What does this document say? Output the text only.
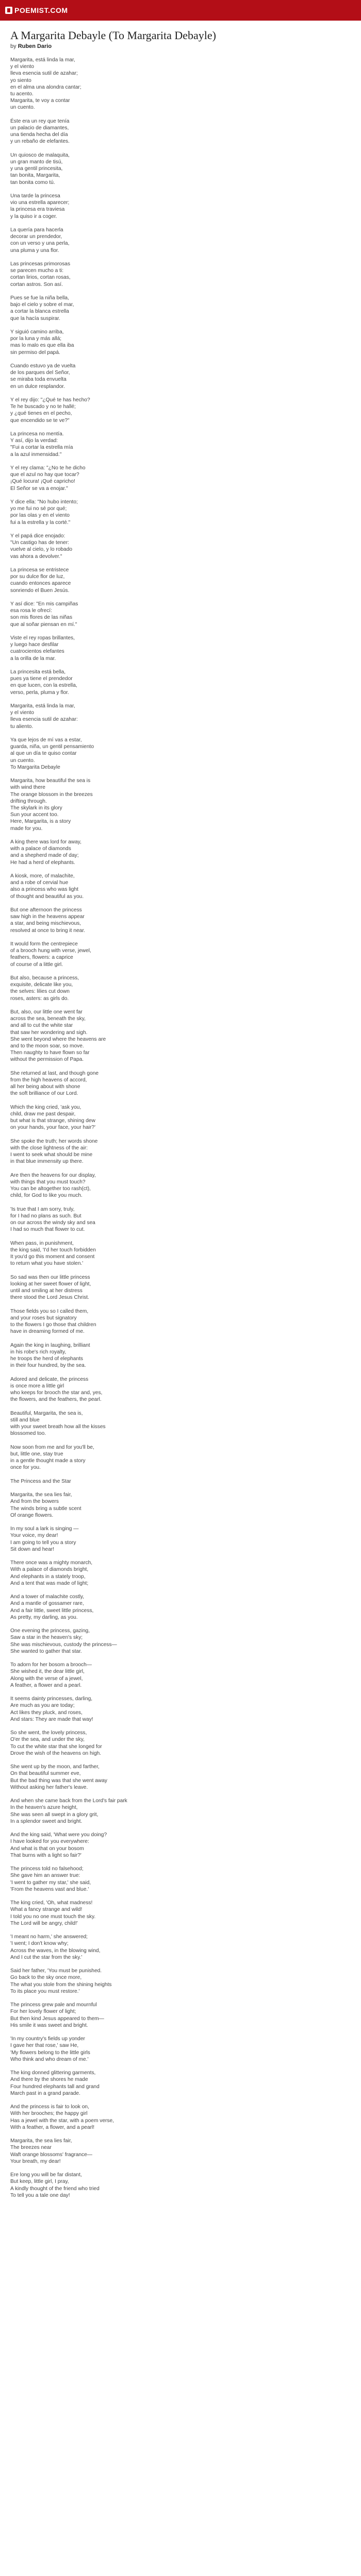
POEMIST.COM
A Margarita Debayle (To Margarita Debayle)
by Ruben Dario
Margarita, está linda la mar,
y el viento
lleva esencia sutil de azahar;
yo siento
en el alma una alondra cantar;
tu acento.
Margarita, te voy a contar
un cuento.
Éste era un rey que tenía
un palacio de diamantes,
una tienda hecha del día
y un rebaño de elefantes.
Un quiosco de malaquita,
un gran manto de tisú,
y una gentil princesita,
tan bonita, Margarita,
tan bonita como tú.
Una tarde la princesa
vio una estrella aparecer;
la princesa era traviesa
y la quiso ir a coger.
La quería para hacerla
decorar un prendedor,
con un verso y una perla,
una pluma y una flor.
Las princesas primorosas
se parecen mucho a ti:
cortan lirios, cortan rosas,
cortan astros. Son así.
Pues se fue la niña bella,
bajo el cielo y sobre el mar,
a cortar la blanca estrella
que la hacía suspirar.
Y siguió camino arriba,
por la luna y más allá;
mas lo malo es que ella iba
sin permiso del papá.
Cuando estuvo ya de vuelta
de los parques del Señor,
se miraba toda envuelta
en un dulce resplandor.
Y el rey dijo: "¿Qué te has hecho?
Te he buscado y no te hallé;
y ¿qué tienes en el pecho,
que encendido se te ve?"
La princesa no mentía.
Y así, dijo la verdad:
"Fui a cortar la estrella mía
a la azul inmensidad."
Y el rey clama: "¿No te he dicho
que el azul no hay que tocar?
¡Qué locura! ¡Qué capricho!
El Señor se va a enojar."
Y dice ella: "No hubo intento;
yo me fui no sé por qué;
por las olas y en el viento
fui a la estrella y la corté."
Y el papá dice enojado:
"Un castigo has de tener:
vuelve al cielo, y lo robado
vas ahora a devolver."
La princesa se entristece
por su dulce flor de luz,
cuando entonces aparece
sonriendo el Buen Jesús.
Y así dice: "En mis campiñas
esa rosa le ofrecí:
son mis flores de las niñas
que al soñar piensan en mí."
Viste el rey ropas brillantes,
y luego hace desfilar
cuatrocientos elefantes
a la orilla de la mar.
La princesita está bella,
pues ya tiene el prendedor
en que lucen, con la estrella,
verso, perla, pluma y flor.
Margarita, está linda la mar,
y el viento
lleva esencia sutil de azahar:
tu aliento.
Ya que lejos de mí vas a estar,
guarda, niña, un gentil pensamiento
al que un día te quiso contar
un cuento.
To Margarita Debayle
Margarita, how beautiful the sea is
with wind there
The orange blossom in the breezes
drifting through.
The skylark in its glory
Sun your accent too.
Here, Margarita, is a story
made for you.
A king there was lord for away,
with a palace of diamonds
and a shepherd made of day;
He had a herd of elephants.
A kiosk, more, of malachite,
and a robe of cervial hue
also a princess who was light
of thought and beautiful as you.
But one afternoon the princess
saw high in the heavens appear
a star, and being mischievous,
resolved at once to bring it near.
It would form the centrepiece
of a brooch hung with verse, jewel,
feathers, flowers: a caprice
of course of a little girl.
But also, because a princess,
exquisite, delicate like you,
the selves: lilies cut down
roses, asters: as girls do.
But, also, our little one went far
across the sea, beneath the sky,
and all to cut the white star
that saw her wondering and sigh.
She went beyond where the heavens are
and to the moon soar, so move.
Then naughty to have flown so far
without the permission of Papa.
She returned at last, and though gone
from the high heavens of accord,
all her being about with shone
the soft brilliance of our Lord.
Which the king cried, 'ask you,
child, draw me past despair,
but what is that strange, shining dew
on your hands, your face, your hair?'
She spoke the truth; her words shone
with the close lightness of the air:
I went to seek what should be mine
in that blue immensity up there.
Are then the heavens for our display,
with things that you must touch?
You can be altogether too rash(ct),
child, for God to like you much.
'Is true that I am sorry, truly,
for I had no plans as such. But
on our across the windy sky and sea
I had so much that flower to cut.
When pass, in punishment,
the king said, 'I'd her touch forbidden
It you'd go this moment and consent
to return what you have stolen.'
So sad was then our little princess
looking at her sweet flower of light,
until and smiling at her distress
there stood the Lord Jesus Christ.
Those fields you so I called them,
and your roses but signatory
to the flowers I go those that children
have in dreaming formed of me.
Again the king in laughing, brilliant
in his robe's rich royalty,
he troops the herd of elephants
in their four hundred, by the sea.
Adored and delicate, the princess
is once more a little girl
who keeps for brooch the star and, yes,
the flowers, and the feathers, the pearl.
Beautiful, Margarita, the sea is,
still and blue
with your sweet breath how all the kisses
blossomed too.
Now soon from me and for you'll be,
but, little one, stay true
in a gentle thought made a story
once for you.
The Princess and the Star
Margarita, the sea lies fair,
And from the bowers
The winds bring a subtle scent
Of orange flowers.
In my soul a lark is singing —
Your voice, my dear!
I am going to tell you a story
Sit down and hear!
There once was a mighty monarch,
With a palace of diamonds bright,
And elephants in a stately troop,
And a tent that was made of light;
And a tower of malachite costly,
And a mantle of gossamer rare,
And a fair little, sweet little princess,
As pretty, my darling, as you.
One evening the princess, gazing,
Saw a star in the heaven's sky;
She was mischievous, custody the princess—
She wanted to gather that star.
To adorn for her bosom a brooch—
She wished it, the dear little girl,
Along with the verse of a jewel,
A feather, a flower and a pearl.
It seems dainty princesses, darling,
Are much as you are today;
Act likes they pluck, and roses,
And stars: They are made that way!
So she went, the lovely princess,
O'er the sea, and under the sky,
To cut the white star that she longed for
Drove the wish of the heavens on high.
She went up by the moon, and farther,
On that beautiful summer eve,
But the bad thing was that she went away
Without asking her father's leave.
And when she came back from the Lord's fair park
In the heaven's azure height,
She was seen all swept in a glory grit,
In a splendor sweet and bright.
And the king said, 'What were you doing?
I have looked for you everywhere:
And what is that on your bosom
That burns with a light so fair?'
The princess told no falsehood;
She gave him an answer true:
'I went to gather my star,' she said,
'From the heavens vast and blue.'
The king cried, 'Oh, what madness!
What a fancy strange and wild!
I told you no one must touch the sky.
The Lord will be angry, child!'
'I meant no harm,' she answered;
'I went; I don't know why;
Across the waves, in the blowing wind,
And I cut the star from the sky.'
Said her father, 'You must be punished.
Go back to the sky once more,
The what you stole from the shining heights
To its place you must restore.'
The princess grew pale and mournful
For her lovely flower of light;
But then kind Jesus appeared to them—
His smile it was sweet and bright.
'In my country's fields up yonder
I gave her that rose,' saw He,
'My flowers belong to the little girls
Who think and who dream of me.'
The king donned glittering garments,
And there by the shores he made
Four hundred elephants tall and grand
March past in a grand parade.
And the princess is fair to look on,
With her brooches; the happy girl
Has a jewel with the star, with a poem verse,
With a feather, a flower, and a pearl!
Margarita, the sea lies fair,
The breezes near
Waft orange blossoms' fragrance—
Your breath, my dear!
Ere long you will be far distant,
But keep, little girl, I pray,
A kindly thought of the friend who tried
To tell you a tale one day!
